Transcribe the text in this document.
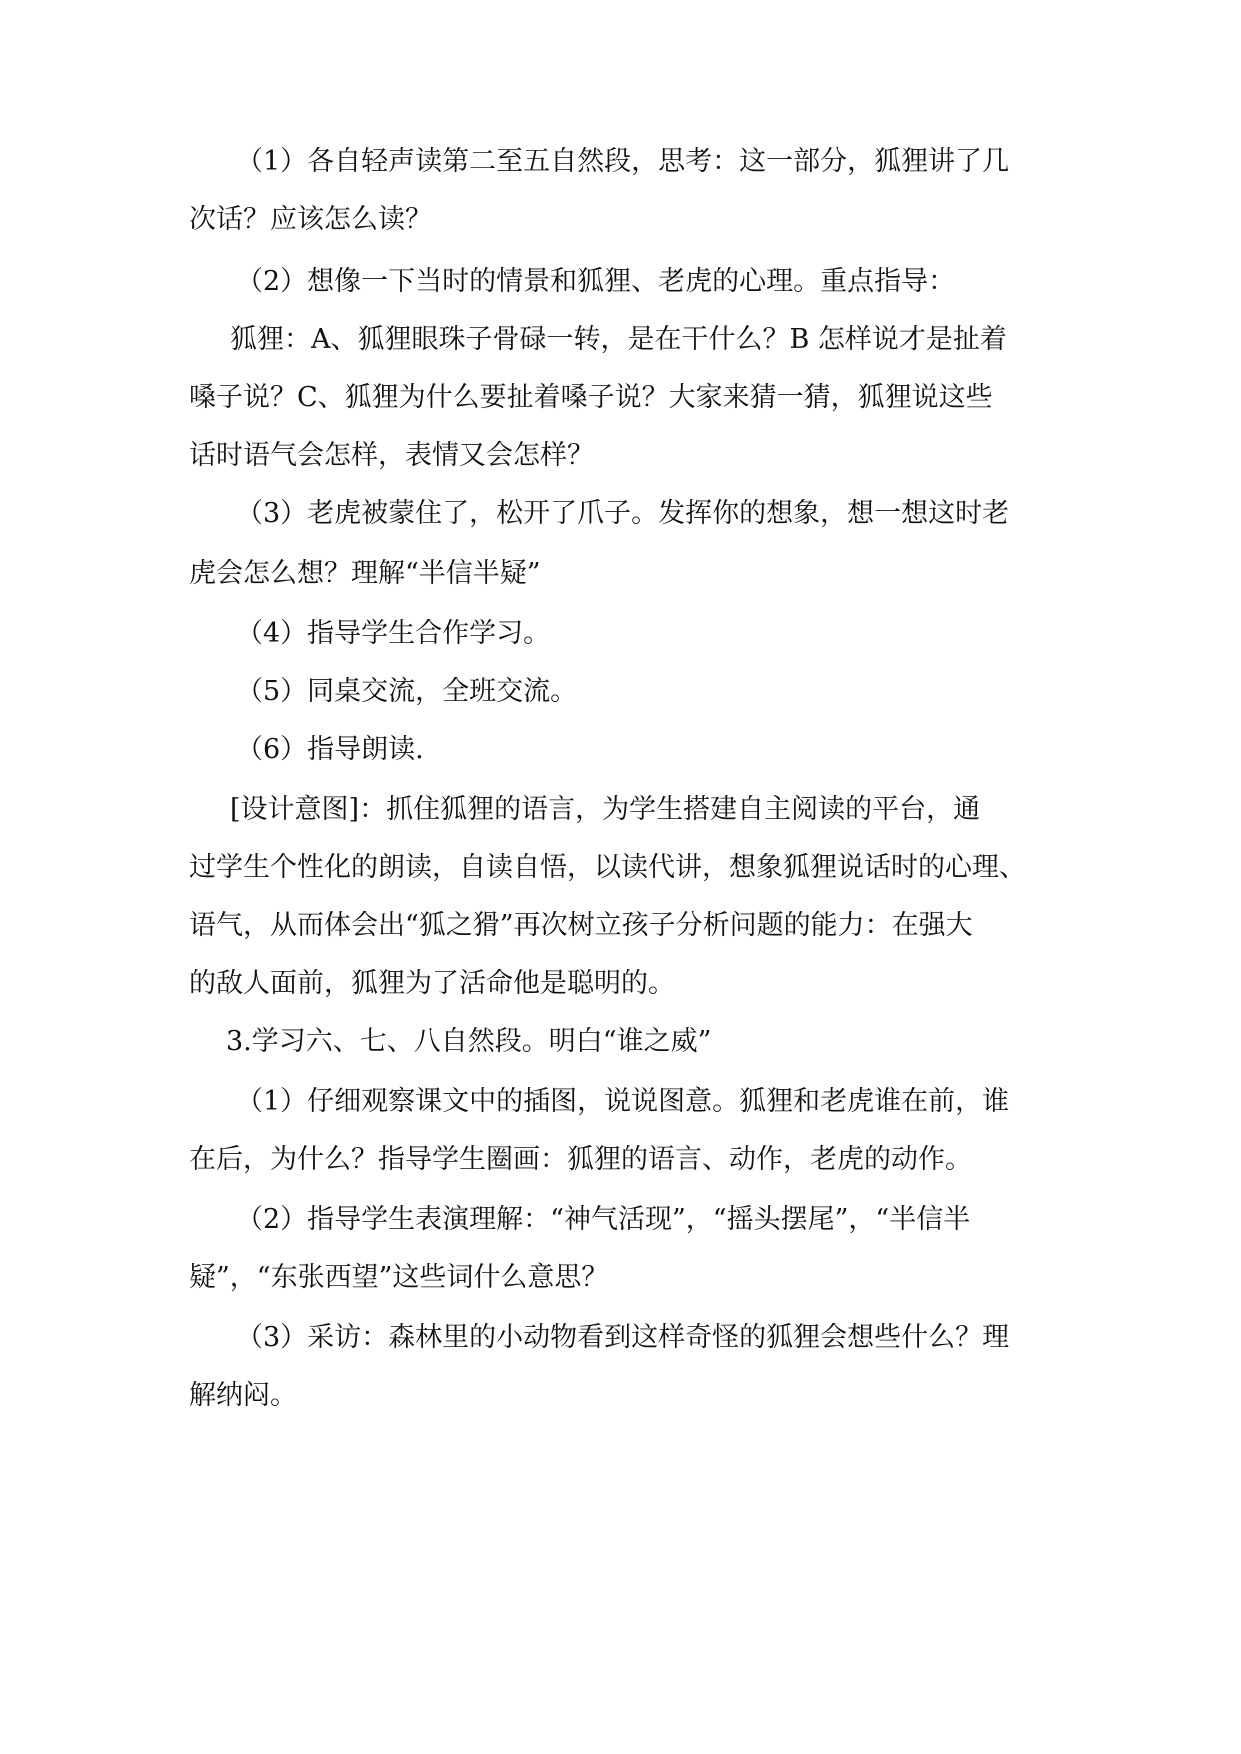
（1）各自轻声读第二至五自然段，思考：这一部分，狐狸讲了几
次话？应该怎么读？
（2）想像一下当时的情景和狐狸、老虎的心理。重点指导：
狐狸：A、狐狸眼珠子骨碌一转，是在干什么？B 怎样说才是扯着
嗓子说？C、狐狸为什么要扯着嗓子说？大家来猜一猜，狐狸说这些
话时语气会怎样，表情又会怎样？
（3）老虎被蒙住了，松开了爪子。发挥你的想象，想一想这时老
虎会怎么想？理解“半信半疑”
（4）指导学生合作学习。
（5）同桌交流，全班交流。
（6）指导朗读.
[设计意图]：抓住狐狸的语言，为学生搭建自主阅读的平台，通
过学生个性化的朗读，自读自悟，以读代讲，想象狐狸说话时的心理、
语气，从而体会出“狐之猾”再次树立孩子分析问题的能力：在强大
的敌人面前，狐狸为了活命他是聪明的。
3.学习六、七、八自然段。明白“谁之威”
（1）仔细观察课文中的插图，说说图意。狐狸和老虎谁在前，谁
在后，为什么？指导学生圈画：狐狸的语言、动作，老虎的动作。
（2）指导学生表演理解：“神气活现”，“摇头摆尾”，“半信半
疑”，“东张西望”这些词什么意思？
（3）采访：森林里的小动物看到这样奇怪的狐狸会想些什么？理
解纳闷。
